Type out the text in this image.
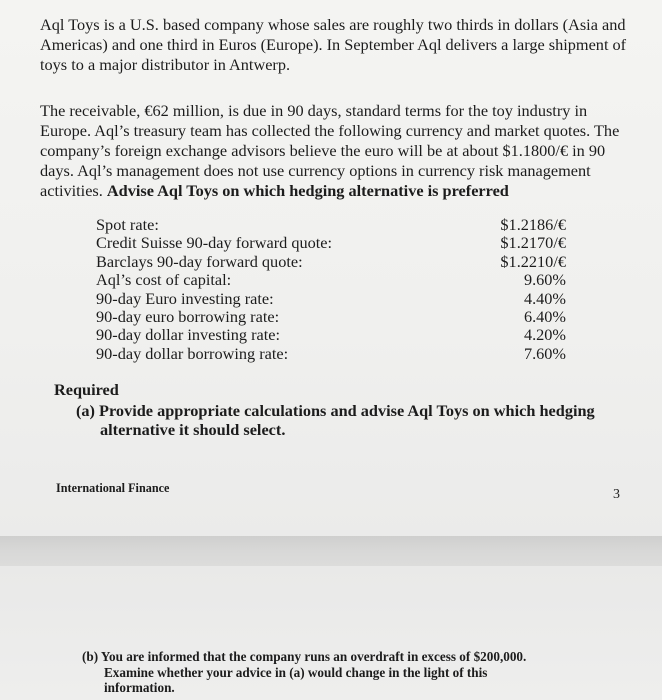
Aql Toys is a U.S. based company whose sales are roughly two thirds in dollars (Asia and Americas) and one third in Euros (Europe). In September Aql delivers a large shipment of toys to a major distributor in Antwerp.

The receivable, €62 million, is due in 90 days, standard terms for the toy industry in Europe. Aql’s treasury team has collected the following currency and market quotes. The company’s foreign exchange advisors believe the euro will be at about $1.1800/€ in 90 days. Aql’s management does not use currency options in currency risk management activities. Advise Aql Toys on which hedging alternative is preferred

Spot rate:	$1.2186/€
Credit Suisse 90-day forward quote:	$1.2170/€
Barclays 90-day forward quote:	$1.2210/€
Aql’s cost of capital:	9.60%
90-day Euro investing rate:	4.40%
90-day euro borrowing rate:	6.40%
90-day dollar investing rate:	4.20%
90-day dollar borrowing rate:	7.60%
Required
(a) Provide appropriate calculations and advise Aql Toys on which hedging
alternative it should select.
International Finance	3
(b) You are informed that the company runs an overdraft in excess of $200,000.
Examine whether your advice in (a) would change in the light of this
information.
